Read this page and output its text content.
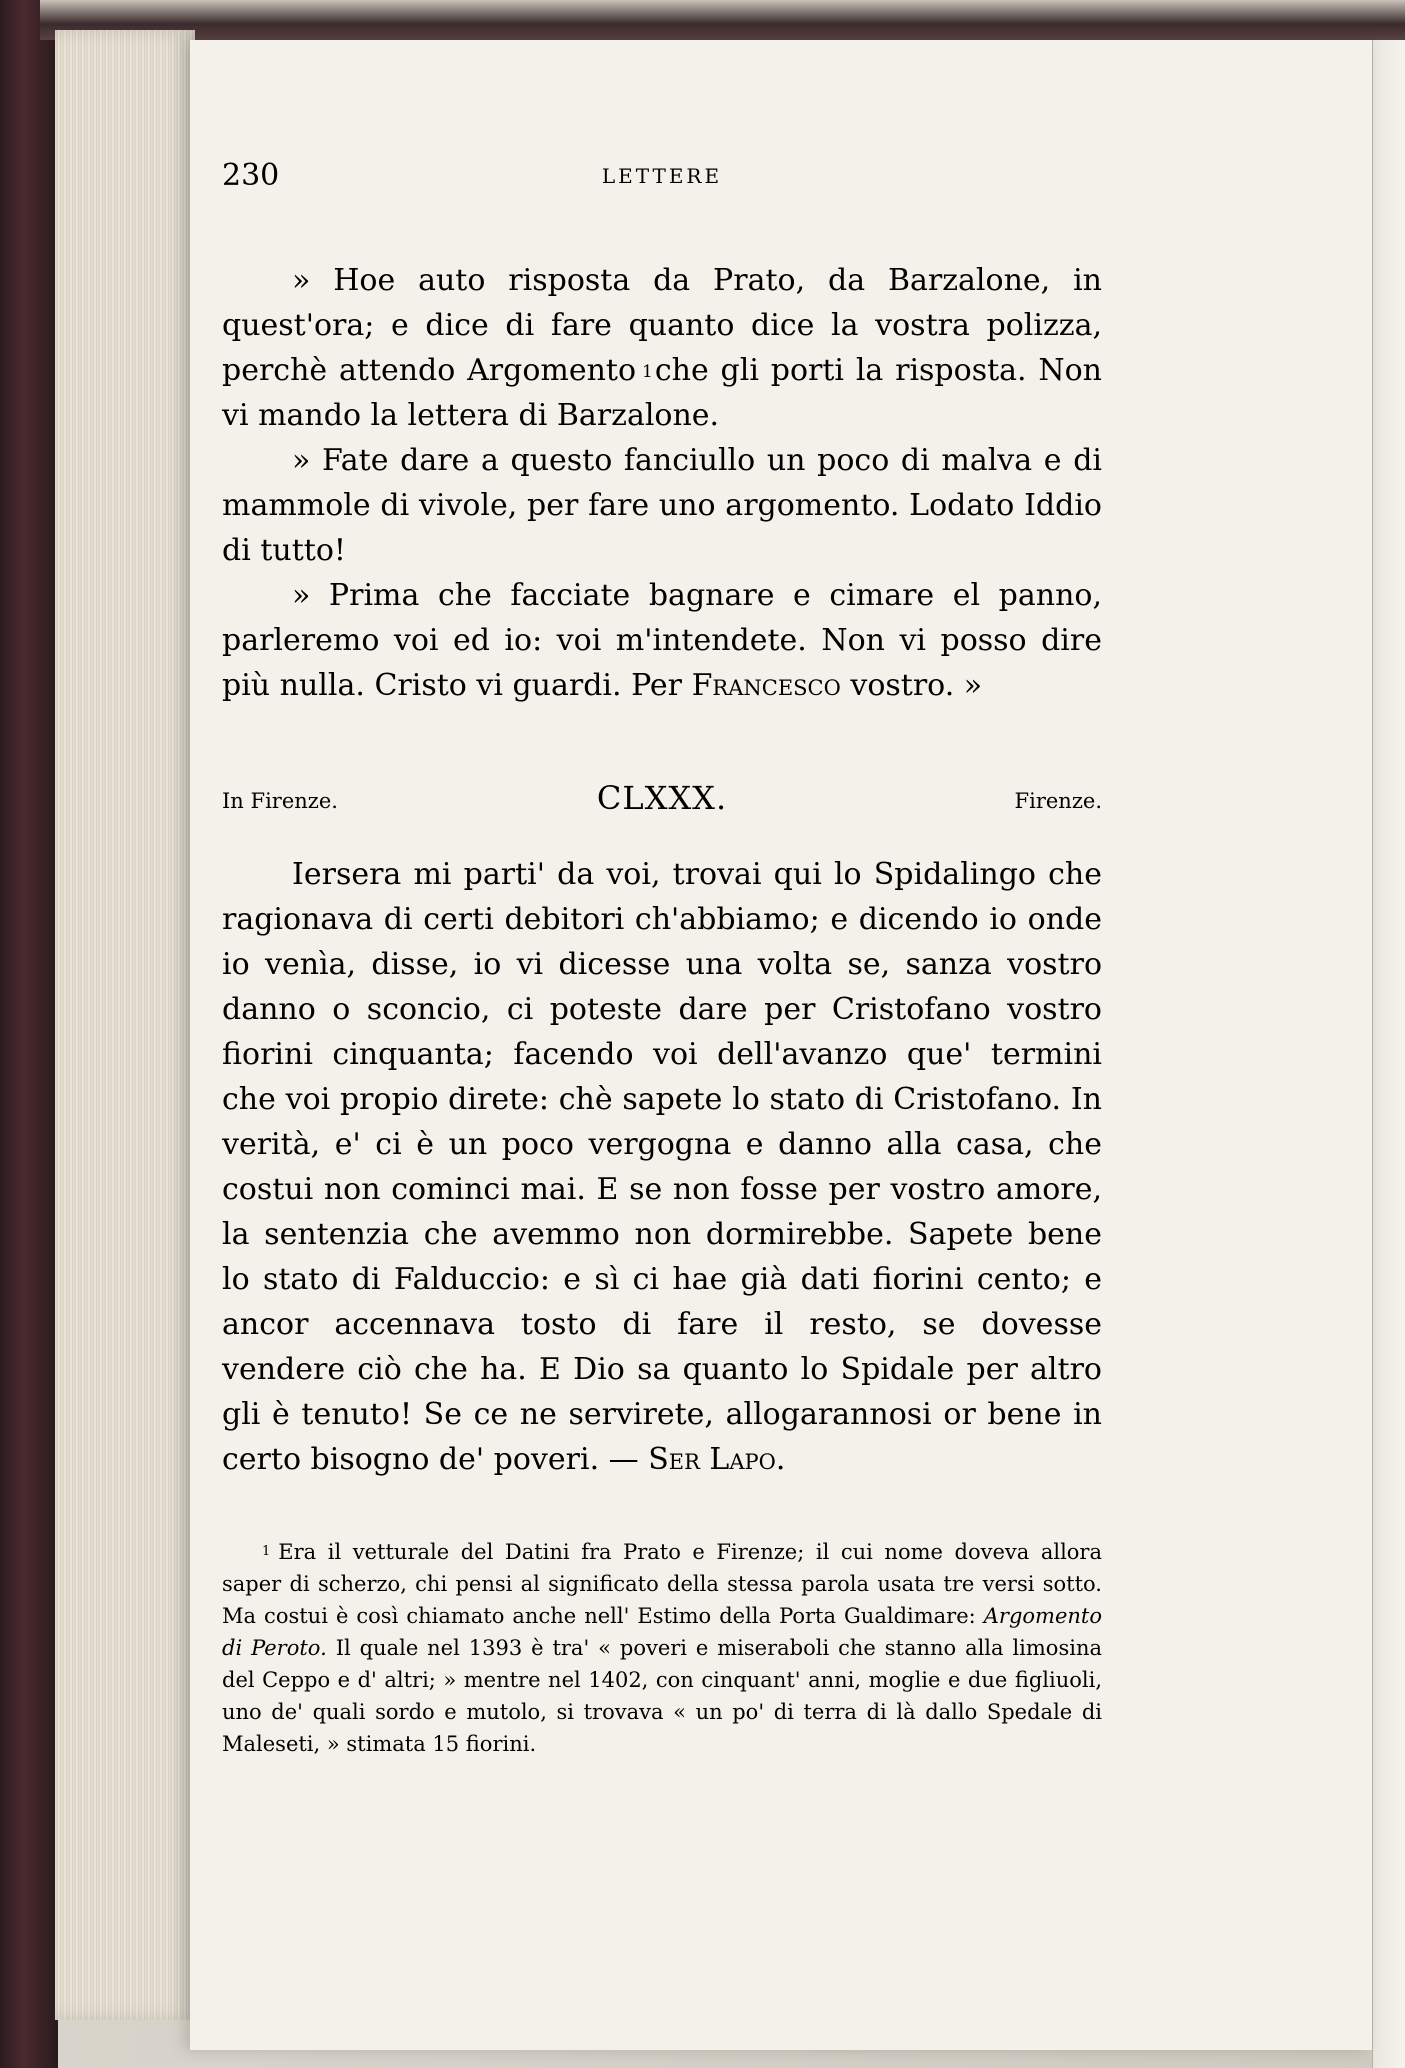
230	LETTERE

» Hoe auto risposta da Prato, da Barzalone, in quest'ora; e dice di fare quanto dice la vostra polizza, perchè attendo Argomento $^1$che gli porti la risposta. Non vi mando la lettera di Barzalone.

» Fate dare a questo fanciullo un poco di malva e di mammole di vivole, per fare uno argomento. Lodato Iddio di tutto!

» Prima che facciate bagnare e cimare el panno, parleremo voi ed io: voi m'intendete. Non vi posso dire più nulla. Cristo vi guardi. Per Francesco vostro. »

In Firenze.	CLXXX.	Firenze.

Iersera mi parti' da voi, trovai qui lo Spidalingo che ragionava di certi debitori ch'abbiamo; e dicendo io onde io venìa, disse, io vi dicesse una volta se, sanza vostro danno o sconcio, ci poteste dare per Cristofano vostro fiorini cinquanta; facendo voi dell'avanzo que' termini che voi propio direte: chè sapete lo stato di Cristofano. In verità, e' ci è un poco vergogna e danno alla casa, che costui non cominci mai. E se non fosse per vostro amore, la sentenzia che avemmo non dormirebbe. Sapete bene lo stato di Falduccio: e sì ci hae già dati fiorini cento; e ancor accennava tosto di fare il resto, se dovesse vendere ciò che ha. E Dio sa quanto lo Spidale per altro gli è tenuto! Se ce ne servirete, allogarannosi or bene in certo bisogno de' poveri. — Ser Lapo.

$^1$ Era il vetturale del Datini fra Prato e Firenze; il cui nome doveva allora saper di scherzo, chi pensi al significato della stessa parola usata tre versi sotto. Ma costui è così chiamato anche nell' Estimo della Porta Gualdimare: Argomento di Peroto. Il quale nel 1393 è tra' « poveri e miseraboli che stanno alla limosina del Ceppo e d' altri; » mentre nel 1402, con cinquant' anni, moglie e due figliuoli, uno de' quali sordo e mutolo, si trovava « un po' di terra di là dallo Spedale di Maleseti, » stimata 15 fiorini.
